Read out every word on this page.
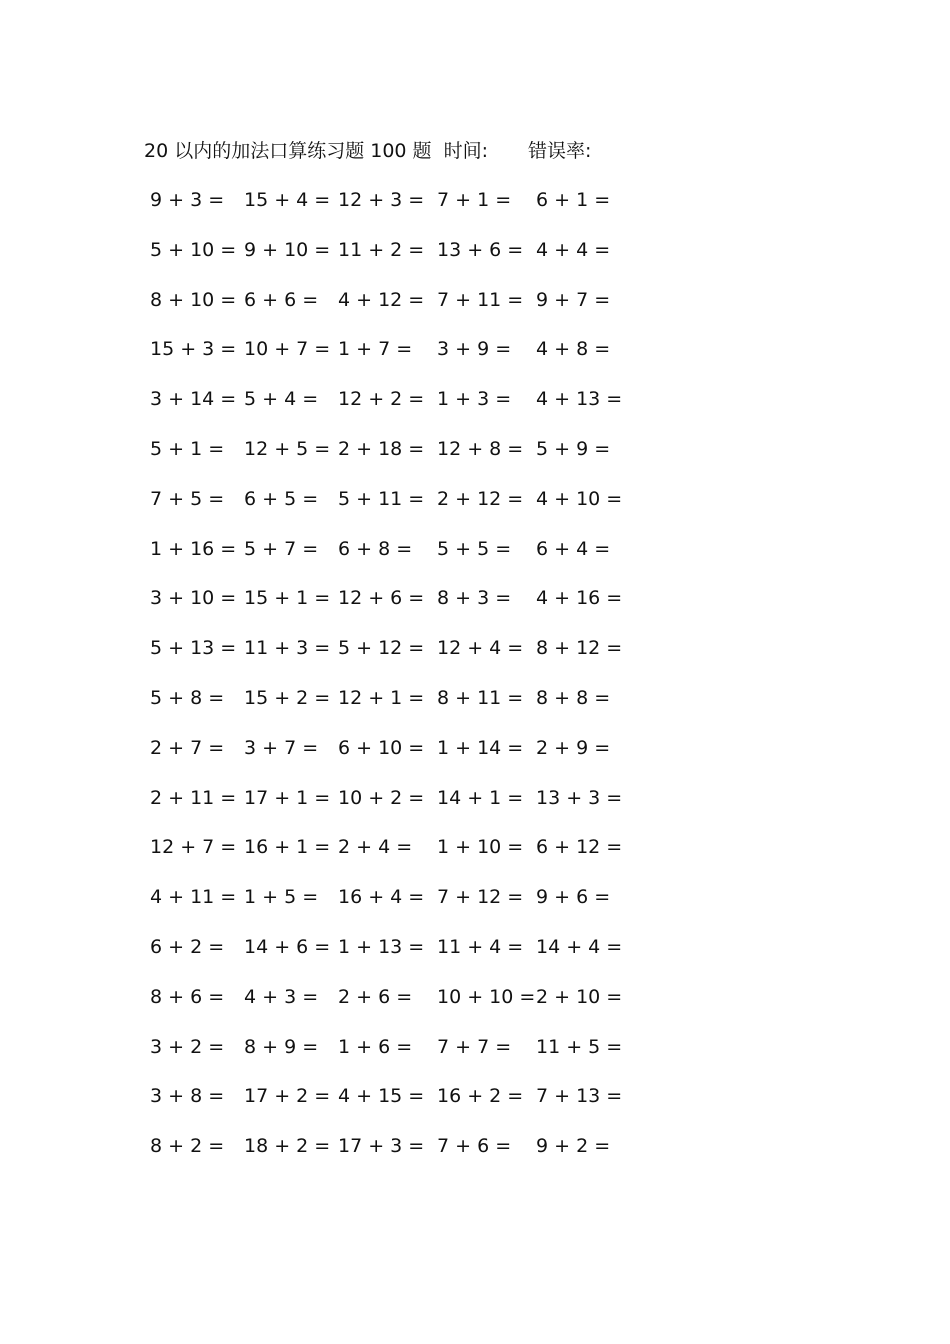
20 以内的加法口算练习题 100 题 时间: 错误率:
9 + 3 = 15 + 4 = 12 + 3 = 7 + 1 = 6 + 1 =
5 + 10 = 9 + 10 = 11 + 2 = 13 + 6 = 4 + 4 =
8 + 10 = 6 + 6 = 4 + 12 = 7 + 11 = 9 + 7 =
15 + 3 = 10 + 7 = 1 + 7 = 3 + 9 = 4 + 8 =
3 + 14 = 5 + 4 = 12 + 2 = 1 + 3 = 4 + 13 =
5 + 1 = 12 + 5 = 2 + 18 = 12 + 8 = 5 + 9 =
7 + 5 = 6 + 5 = 5 + 11 = 2 + 12 = 4 + 10 =
1 + 16 = 5 + 7 = 6 + 8 = 5 + 5 = 6 + 4 =
3 + 10 = 15 + 1 = 12 + 6 = 8 + 3 = 4 + 16 =
5 + 13 = 11 + 3 = 5 + 12 = 12 + 4 = 8 + 12 =
5 + 8 = 15 + 2 = 12 + 1 = 8 + 11 = 8 + 8 =
2 + 7 = 3 + 7 = 6 + 10 = 1 + 14 = 2 + 9 =
2 + 11 = 17 + 1 = 10 + 2 = 14 + 1 = 13 + 3 =
12 + 7 = 16 + 1 = 2 + 4 = 1 + 10 = 6 + 12 =
4 + 11 = 1 + 5 = 16 + 4 = 7 + 12 = 9 + 6 =
6 + 2 = 14 + 6 = 1 + 13 = 11 + 4 = 14 + 4 =
8 + 6 = 4 + 3 = 2 + 6 = 10 + 10 = 2 + 10 =
3 + 2 = 8 + 9 = 1 + 6 = 7 + 7 = 11 + 5 =
3 + 8 = 17 + 2 = 4 + 15 = 16 + 2 = 7 + 13 =
8 + 2 = 18 + 2 = 17 + 3 = 7 + 6 = 9 + 2 =
